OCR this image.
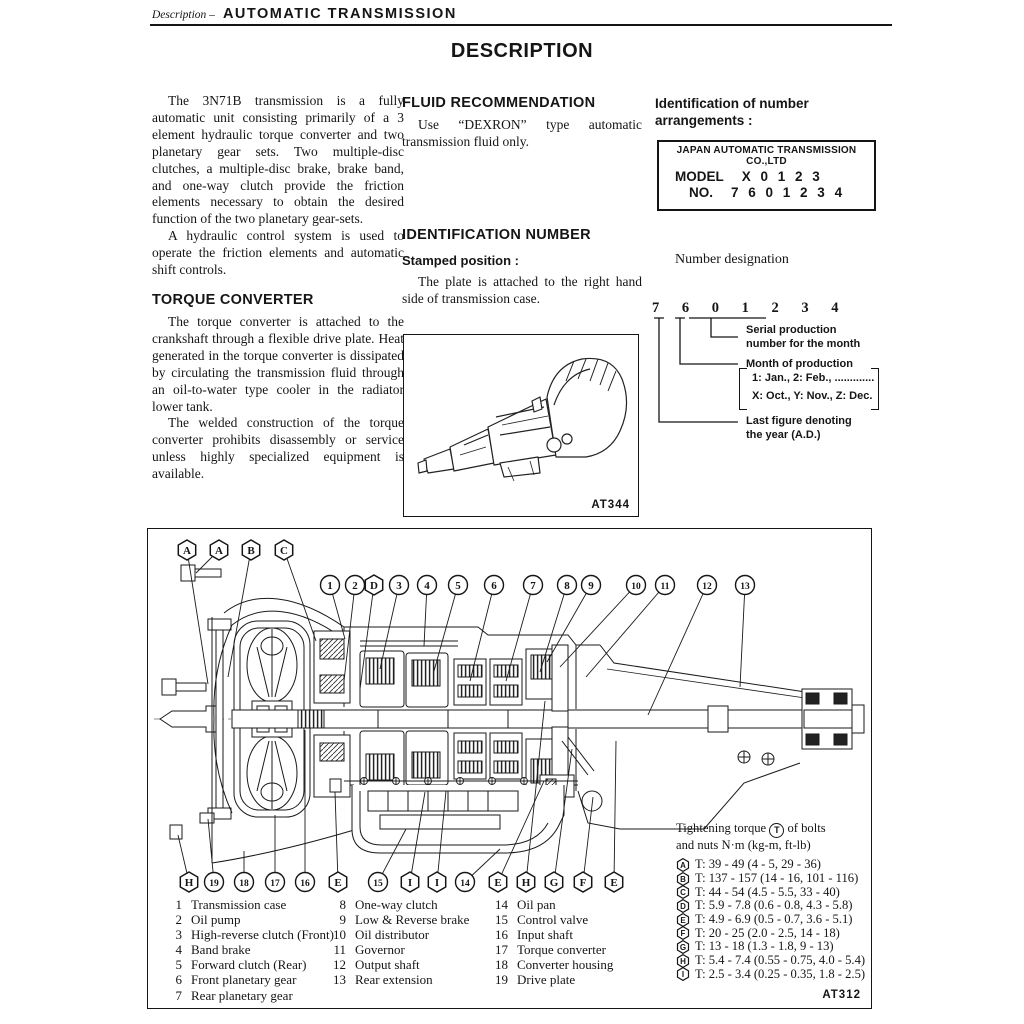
Description – AUTOMATIC TRANSMISSION
DESCRIPTION

The 3N71B transmission is a fully automatic unit consisting primarily of a 3 element hydraulic torque converter and two planetary gear sets. Two multiple-disc clutches, a multiple-disc brake, brake band, and one-way clutch provide the friction elements necessary to obtain the desired function of the two planetary gear-sets.

A hydraulic control system is used to operate the friction elements and automatic shift controls.

TORQUE CONVERTER

The torque converter is attached to the crankshaft through a flexible drive plate. Heat generated in the torque converter is dissipated by circulating the transmission fluid through an oil-to-water type cooler in the radiator lower tank.

The welded construction of the torque converter prohibits disassembly or service unless highly specialized equipment is available.

FLUID RECOMMENDATION

Use “DEXRON” type automatic transmission fluid only.

IDENTIFICATION NUMBER
Stamped position :

The plate is attached to the right hand side of transmission case.

AT344
Identification of number
arrangements :
JAPAN AUTOMATIC TRANSMISSION CO.,LTD
MODEL X 0 1 2 3
NO. 7 6 0 1 2 3 4
Number designation
7 6 0 1 2 3 4
Serial production
number for the month
Month of production
1: Jan., 2: Feb., .............
X: Oct., Y: Nov., Z: Dec.
Last figure denoting
the year (A.D.)
A A B C
1 2 D 3 4 5	6	7	8 9	10 11	12	13
H 19 18 17 16 E	15 I I 14 E H G F E
1 Transmission case
2 Oil pump
3 High-reverse clutch (Front)
4 Band brake
5 Forward clutch (Rear)
6 Front planetary gear
7 Rear planetary gear
8 One-way clutch
9 Low & Reverse brake
10 Oil distributor
11 Governor
12 Output shaft
13 Rear extension
14 Oil pan
15 Control valve
16 Input shaft
17 Torque converter
18 Converter housing
19 Drive plate
Tightening torque T of bolts
and nuts N·m (kg-m, ft-lb)
A T: 39 - 49 (4 - 5, 29 - 36)
B T: 137 - 157 (14 - 16, 101 - 116)
C T: 44 - 54 (4.5 - 5.5, 33 - 40)
D T: 5.9 - 7.8 (0.6 - 0.8, 4.3 - 5.8)
E T: 4.9 - 6.9 (0.5 - 0.7, 3.6 - 5.1)
F T: 20 - 25 (2.0 - 2.5, 14 - 18)
G T: 13 - 18 (1.3 - 1.8, 9 - 13)
H T: 5.4 - 7.4 (0.55 - 0.75, 4.0 - 5.4)
I T: 2.5 - 3.4 (0.25 - 0.35, 1.8 - 2.5)
AT312
